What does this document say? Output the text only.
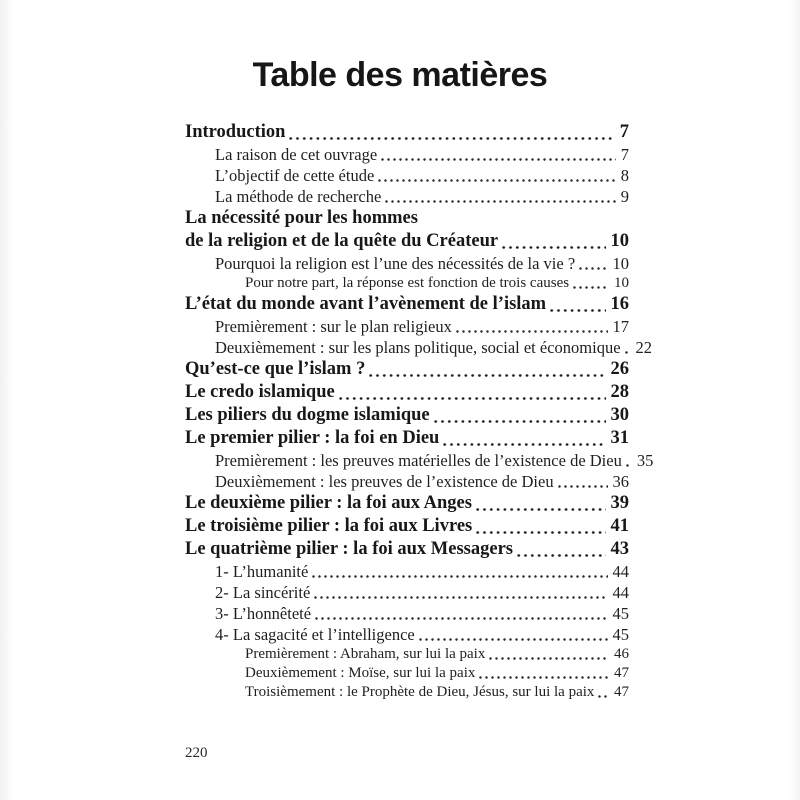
Table des matières
Introduction	7
La raison de cet ouvrage	7
L’objectif de cette étude	8
La méthode de recherche	9
La nécessité pour les hommes
de la religion et de la quête du Créateur	10
Pourquoi la religion est l’une des nécessités de la vie ? 10
Pour notre part, la réponse est fonction de trois causes	10
L’état du monde avant l’avènement de l’islam	16
Premièrement : sur le plan religieux	17
Deuxièmement : sur les plans politique, social et économique 22
Qu’est-ce que l’islam ?	26
Le credo islamique	28
Les piliers du dogme islamique	30
Le premier pilier : la foi en Dieu	31
Premièrement : les preuves matérielles de l’existence de Dieu 35
Deuxièmement : les preuves de l’existence de Dieu	36
Le deuxième pilier : la foi aux Anges	39
Le troisième pilier : la foi aux Livres	41
Le quatrième pilier : la foi aux Messagers	43
1- L’humanité	44
2- La sincérité	44
3- L’honnêteté	45
4- La sagacité et l’intelligence	45
Premièrement : Abraham, sur lui la paix	46
Deuxièmement : Moïse, sur lui la paix	47
Troisièmement : le Prophète de Dieu, Jésus, sur lui la paix 47
220
